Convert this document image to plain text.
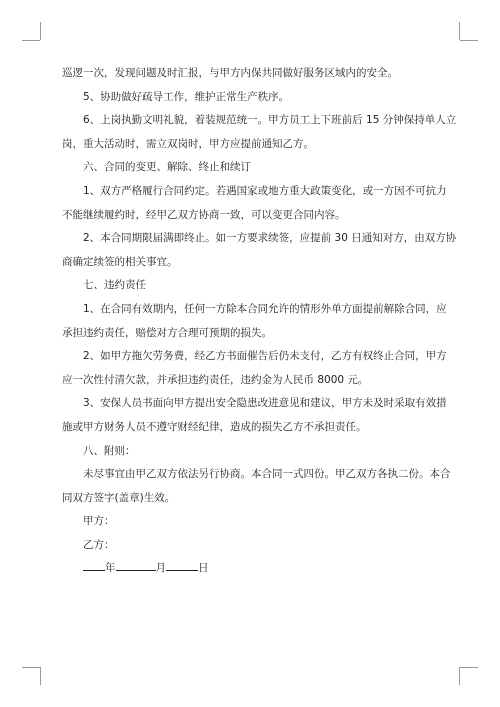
巡逻一次，发现问题及时汇报，与甲方内保共同做好服务区域内的安全。

5、协助做好疏导工作，维护正常生产秩序。

6、上岗执勤文明礼貌，着装规范统一。甲方员工上下班前后 15 分钟保持单人立

岗，重大活动时，需立双岗时，甲方应提前通知乙方。

六、合同的变更、解除、终止和续订

1、双方严格履行合同约定。若遇国家或地方重大政策变化，或一方因不可抗力

不能继续履约时，经甲乙双方协商一致，可以变更合同内容。

2、本合同期限届满即终止。如一方要求续签，应提前 30 日通知对方，由双方协

商确定续签的相关事宜。

七、违约责任

1、在合同有效期内，任何一方除本合同允许的情形外单方面提前解除合同，应

承担违约责任，赔偿对方合理可预期的损失。

2、如甲方拖欠劳务费，经乙方书面催告后仍未支付，乙方有权终止合同，甲方

应一次性付清欠款，并承担违约责任，违约金为人民币 8000 元。

3、安保人员书面向甲方提出安全隐患改进意见和建议，甲方未及时采取有效措

施或甲方财务人员不遵守财经纪律，造成的损失乙方不承担责任。

八、附则：

未尽事宜由甲乙双方依法另行协商。本合同一式四份。甲乙双方各执二份。本合

同双方签字(盖章)生效。

甲方：

乙方：

年	月	日
